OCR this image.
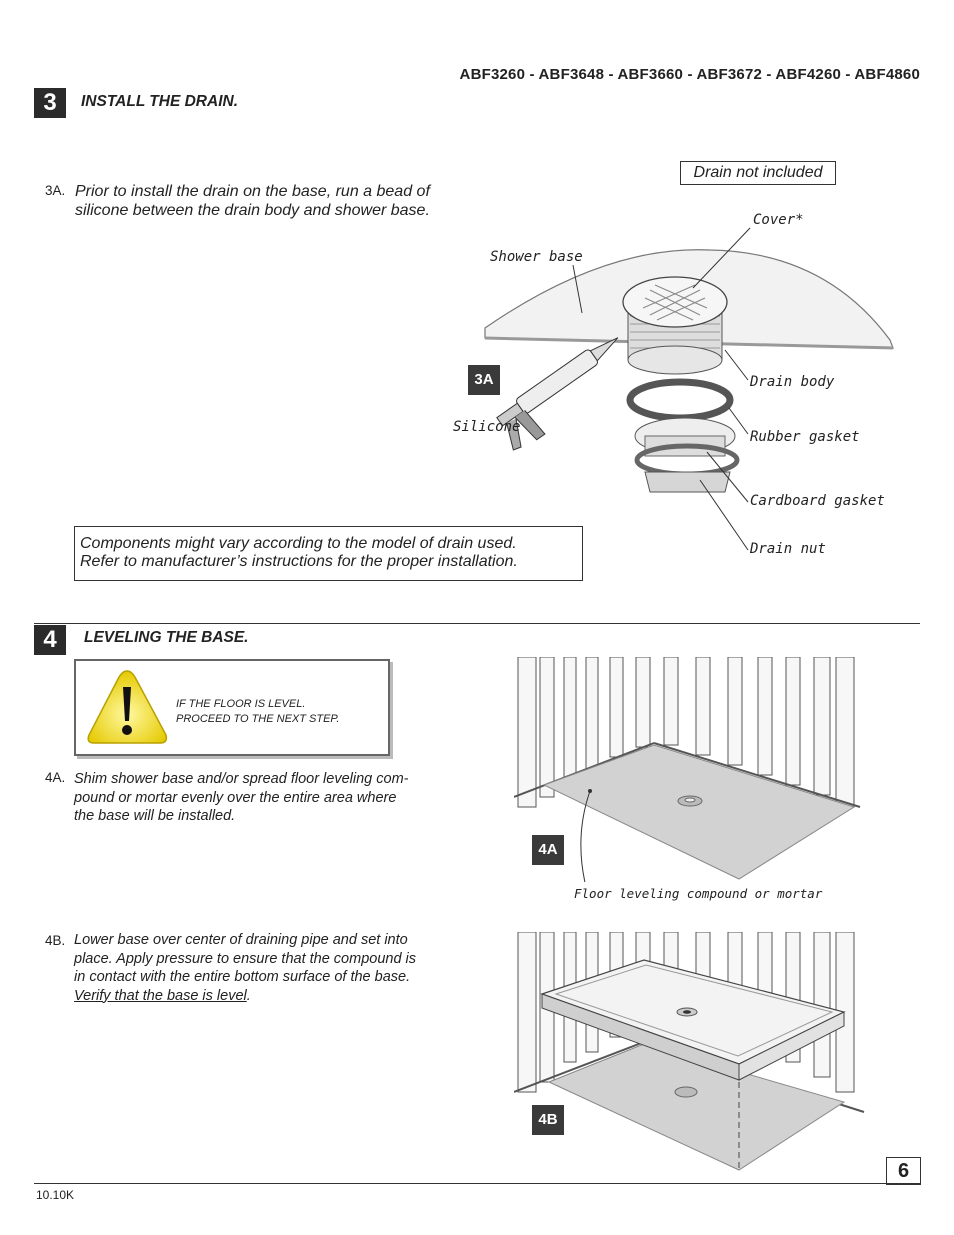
ABF3260 - ABF3648 - ABF3660 - ABF3672 - ABF4260 - ABF4860
3	INSTALL THE DRAIN.
3A. Prior to install the drain on the base, run a bead of silicone between the drain body and shower base.
Drain not included
Cover*
Shower base
3A	Drain body
Silicone
Rubber gasket
Cardboard gasket
Drain nut
Components might vary according to the model of drain used.
Refer to manufacturer’s instructions for the proper installation.
4	LEVELING THE BASE.
IF THE FLOOR IS LEVEL.
PROCEED TO THE NEXT STEP.
4A. Shim shower base and/or spread floor leveling com-
pound or mortar evenly over the entire area where
the base will be installed.
4A
Floor leveling compound or mortar
4B. Lower base over center of draining pipe and set into
place. Apply pressure to ensure that the compound is
in contact with the entire bottom surface of the base.
Verify that the base is level.
4B
6
10.10K
